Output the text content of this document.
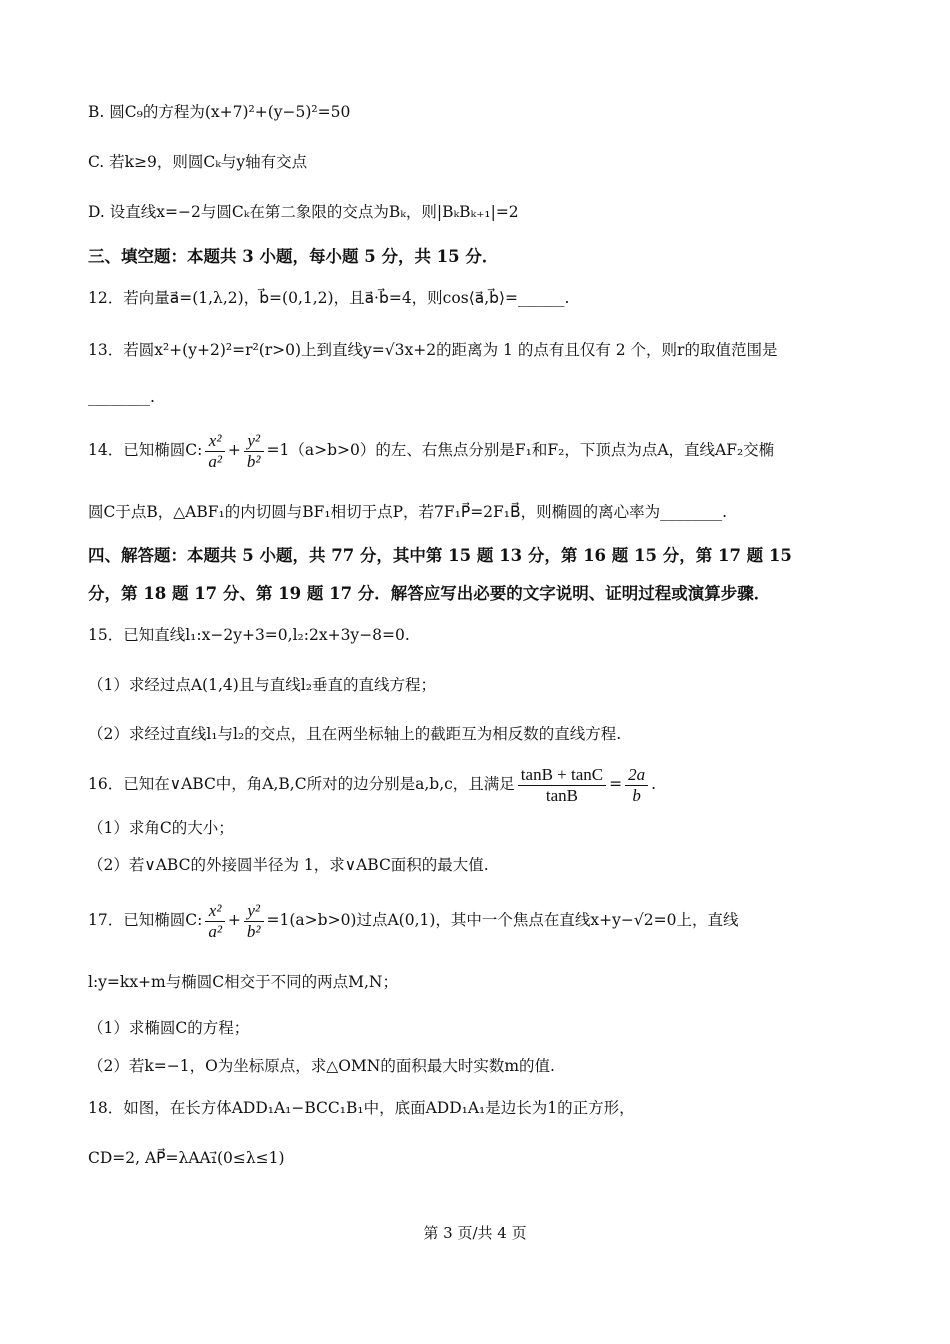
B. 圆C₉的方程为(x+7)²+(y−5)²=50
C. 若k≥9，则圆Cₖ与y轴有交点
D. 设直线x=−2与圆Cₖ在第二象限的交点为Bₖ，则|BₖBₖ₊₁|=2
三、填空题：本题共 3 小题，每小题 5 分，共 15 分．
12．若向量a⃗=(1,λ,2)，b⃗=(0,1,2)，且a⃗·b⃗=4，则cos⟨a⃗,b⃗⟩=______.
13．若圆x²+(y+2)²=r²(r>0)上到直线y=√3x+2的距离为 1 的点有且仅有 2 个，则r的取值范围是
________.
14．已知椭圆C: $\frac{\text{x²}}{\text{a²}} + \frac{\text{y²}}{\text{b²}} =1(a>b>0)$的左、右焦点分别是F₁和F₂，下顶点为点A，直线AF₂交椭
圆C于点B，△ABF₁的内切圆与BF₁相切于点P，若7F₁P⃗=2F₁B⃗，则椭圆的离心率为________.
四、解答题：本题共 5 小题，共 77 分，其中第 15 题 13 分，第 16 题 15 分，第 17 题 15
分，第 18 题 17 分、第 19 题 17 分．解答应写出必要的文字说明、证明过程或演算步骤．
15．已知直线l₁:x−2y+3=0,l₂:2x+3y−8=0.
（1）求经过点A(1,4)且与直线l₂垂直的直线方程；
（2）求经过直线l₁与l₂的交点，且在两坐标轴上的截距互为相反数的直线方程.
16．已知在∨ABC中，角A,B,C所对的边分别是a,b,c，且满足 $\frac{\tan B + \tan C}{\tan B} = \frac{2a}{b}$ .
（1）求角C的大小；
（2）若∨ABC的外接圆半径为 1，求∨ABC面积的最大值.
17．已知椭圆C: $\frac{\text{x²}}{\text{a²}} + \frac{\text{y²}}{\text{b²}} =1(a>b>0)$过点A(0,1)，其中一个焦点在直线x+y−√2=0上，直线
l:y=kx+m与椭圆C相交于不同的两点M,N；
（1）求椭圆C的方程；
（2）若k=−1，O为坐标原点，求△OMN的面积最大时实数m的值.
18．如图，在长方体ADD₁A₁−BCC₁B₁中，底面ADD₁A₁是边长为1的正方形，
CD=2, AP⃗=λAA₁⃗(0≤λ≤1)
第 3 页/共 4 页
